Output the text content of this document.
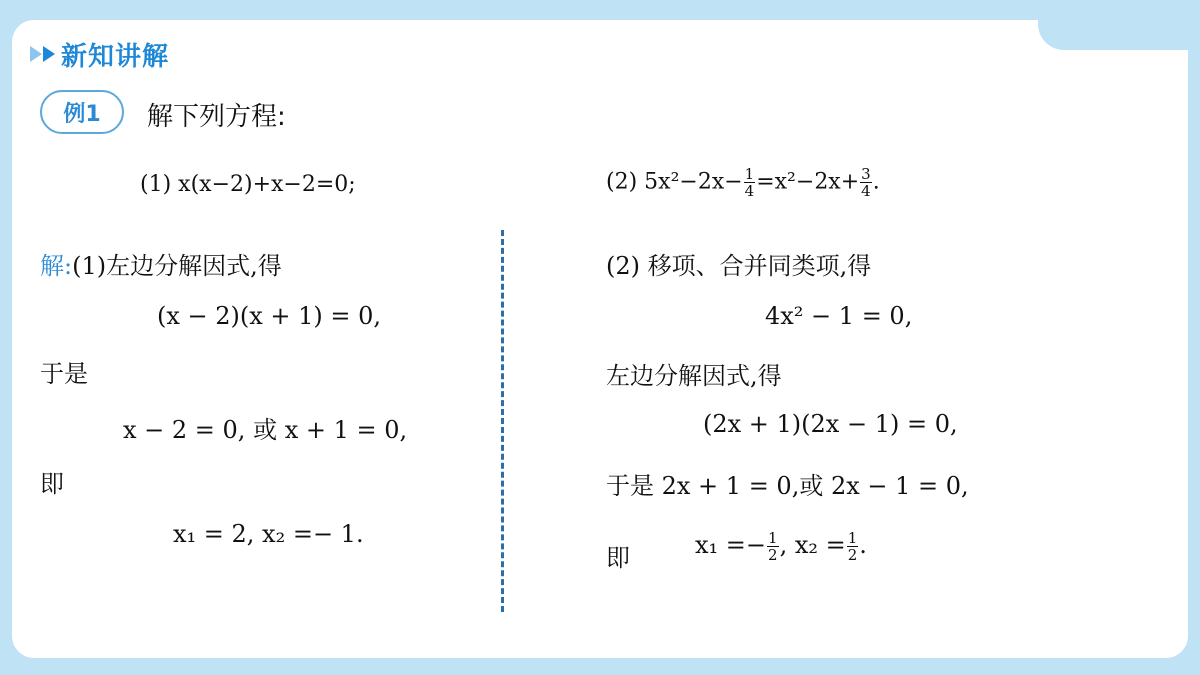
新知讲解
例1	解下列方程:
(1) x(x−2)+x−2=0;	(2) $5x^2-2x- \frac{1}{4} =x^2-2x+ \frac{3}{4}$ .
解:(1)左边分解因式,得
(x − 2)(x + 1) = 0,
于是
x − 2 = 0, 或 x + 1 = 0,
即
x₁ = 2, x₂ =− 1.
(2) 移项、合并同类项,得
4x² − 1 = 0,
左边分解因式,得
(2x + 1)(2x − 1) = 0,
于是 2x + 1 = 0,或 2x − 1 = 0,
即	$x_1 =- \frac{1}{2}$ , $x_2 = \frac{1}{2}$ .
